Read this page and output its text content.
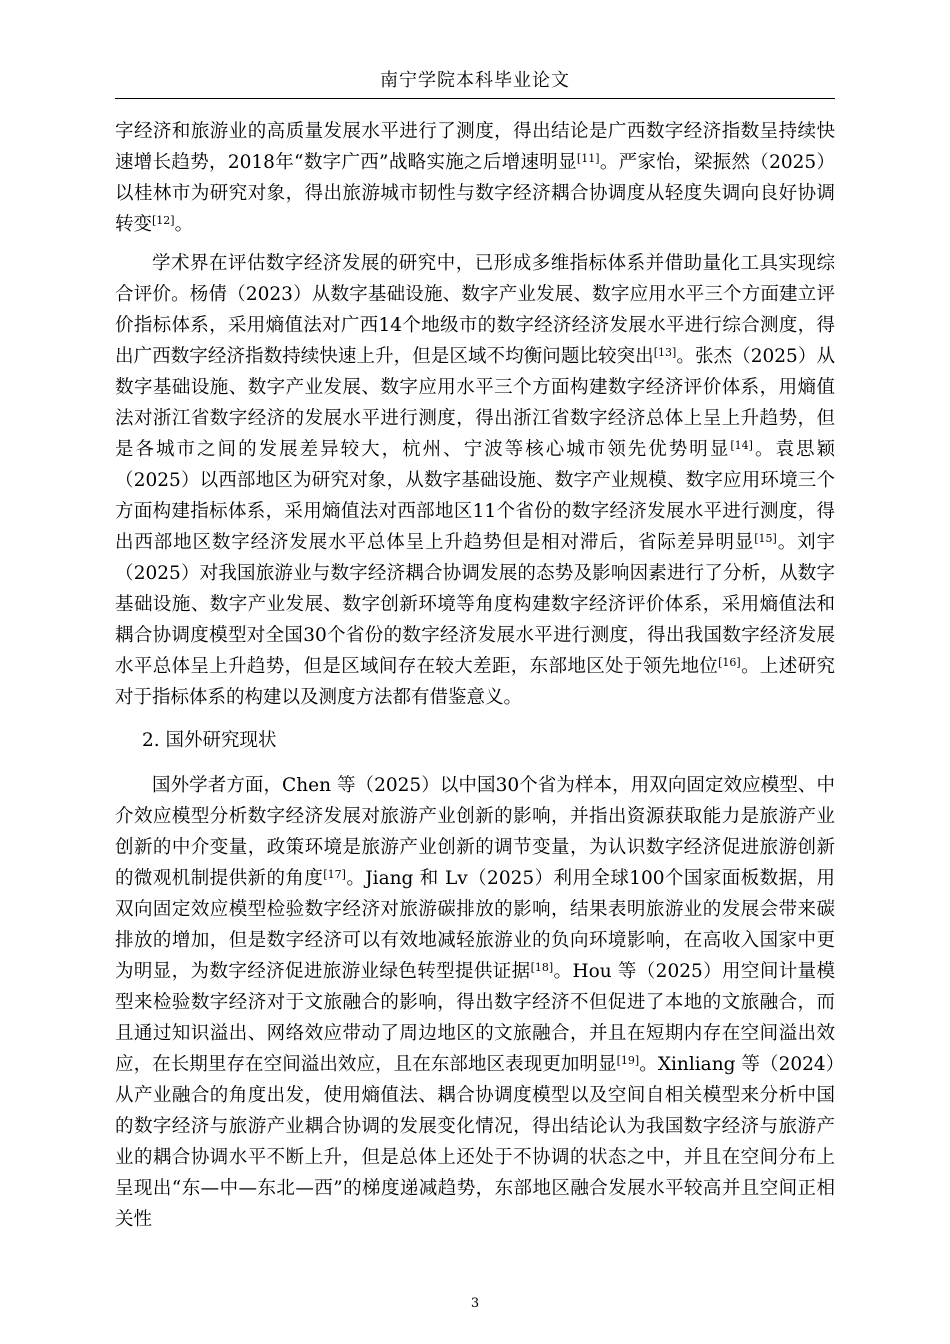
南宁学院本科毕业论文

字经济和旅游业的高质量发展水平进行了测度，得出结论是广西数字经济指数呈持续快速增长趋势，2018年“数字广西”战略实施之后增速明显[11]。严家怡，梁振然（2025）以桂林市为研究对象，得出旅游城市韧性与数字经济耦合协调度从轻度失调向良好协调转变[12]。

学术界在评估数字经济发展的研究中，已形成多维指标体系并借助量化工具实现综合评价。杨倩（2023）从数字基础设施、数字产业发展、数字应用水平三个方面建立评价指标体系，采用熵值法对广西14个地级市的数字经济经济发展水平进行综合测度，得出广西数字经济指数持续快速上升，但是区域不均衡问题比较突出[13]。张杰（2025）从数字基础设施、数字产业发展、数字应用水平三个方面构建数字经济评价体系，用熵值法对浙江省数字经济的发展水平进行测度，得出浙江省数字经济总体上呈上升趋势，但是各城市之间的发展差异较大，杭州、宁波等核心城市领先优势明显[14]。袁思颖（2025）以西部地区为研究对象，从数字基础设施、数字产业规模、数字应用环境三个方面构建指标体系，采用熵值法对西部地区11个省份的数字经济发展水平进行测度，得出西部地区数字经济发展水平总体呈上升趋势但是相对滞后，省际差异明显[15]。刘宇（2025）对我国旅游业与数字经济耦合协调发展的态势及影响因素进行了分析，从数字基础设施、数字产业发展、数字创新环境等角度构建数字经济评价体系，采用熵值法和耦合协调度模型对全国30个省份的数字经济发展水平进行测度，得出我国数字经济发展水平总体呈上升趋势，但是区域间存在较大差距，东部地区处于领先地位[16]。上述研究对于指标体系的构建以及测度方法都有借鉴意义。

2. 国外研究现状

国外学者方面，Chen 等（2025）以中国30个省为样本，用双向固定效应模型、中介效应模型分析数字经济发展对旅游产业创新的影响，并指出资源获取能力是旅游产业创新的中介变量，政策环境是旅游产业创新的调节变量，为认识数字经济促进旅游创新的微观机制提供新的角度[17]。Jiang 和 Lv（2025）利用全球100个国家面板数据，用双向固定效应模型检验数字经济对旅游碳排放的影响，结果表明旅游业的发展会带来碳排放的增加，但是数字经济可以有效地减轻旅游业的负向环境影响，在高收入国家中更为明显，为数字经济促进旅游业绿色转型提供证据[18]。Hou 等（2025）用空间计量模型来检验数字经济对于文旅融合的影响，得出数字经济不但促进了本地的文旅融合，而且通过知识溢出、网络效应带动了周边地区的文旅融合，并且在短期内存在空间溢出效应，在长期里存在空间溢出效应，且在东部地区表现更加明显[19]。Xinliang 等（2024）从产业融合的角度出发，使用熵值法、耦合协调度模型以及空间自相关模型来分析中国的数字经济与旅游产业耦合协调的发展变化情况，得出结论认为我国数字经济与旅游产业的耦合协调水平不断上升，但是总体上还处于不协调的状态之中，并且在空间分布上呈现出“东—中—东北—西”的梯度递减趋势，东部地区融合发展水平较高并且空间正相关性

3
